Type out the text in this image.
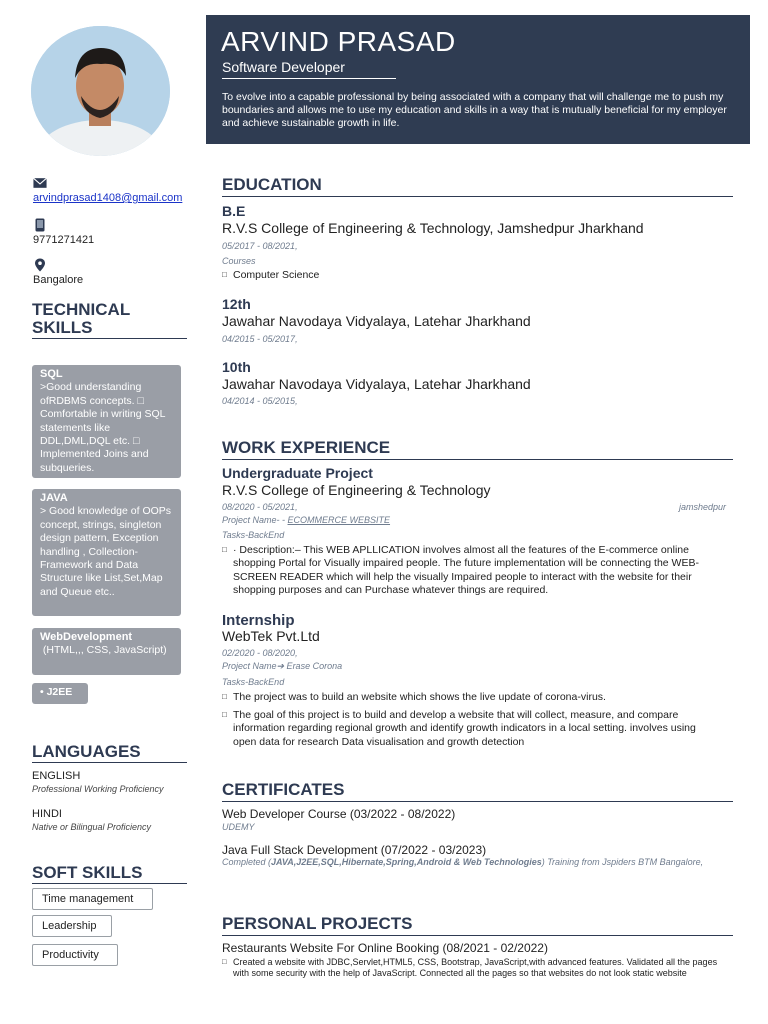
arvindprasad1408@gmail.com
9771271421
Bangalore
TECHNICAL SKILLS
SQL
>Good understanding ofRDBMS concepts. □ Comfortable in writing SQL statements like DDL,DML,DQL etc. □ Implemented Joins and subqueries.
JAVA
> Good knowledge of OOPs concept, strings, singleton design pattern, Exception handling , Collection-Framework and Data Structure like List,Set,Map and Queue etc..
WebDevelopment
(HTML,,, CSS, JavaScript)
• J2EE
LANGUAGES
ENGLISH
Professional Working Proficiency
HINDI
Native or Bilingual Proficiency
SOFT SKILLS
Time management
Leadership
Productivity
ARVIND PRASAD
Software Developer
To evolve into a capable professional by being associated with a company that will challenge me to push my boundaries and allows me to use my education and skills in a way that is mutually beneficial for my employer and achieve sustainable growth in life.
EDUCATION
B.E
R.V.S College of Engineering & Technology, Jamshedpur Jharkhand
05/2017 - 08/2021,
Courses
□ Computer Science
12th
Jawahar Navodaya Vidyalaya, Latehar Jharkhand
04/2015 - 05/2017,
10th
Jawahar Navodaya Vidyalaya, Latehar Jharkhand
04/2014 - 05/2015,
WORK EXPERIENCE
Undergraduate Project
R.V.S College of Engineering & Technology
08/2020 - 05/2021,	jamshedpur
Project Name- - ECOMMERCE WEBSITE
Tasks-BackEnd
□ · Description:– This WEB APLLICATION involves almost all the features of the E-commerce online shopping Portal for Visually impaired people. The future implementation will be connecting the WEB- SCREEN READER which will help the visually Impaired people to interact with the website for their shopping purposes and can Purchase whatever things are required.
Internship
WebTek Pvt.Ltd
02/2020 - 08/2020,
Project Name➔ Erase Corona
Tasks-BackEnd
□ The project was to build an website which shows the live update of corona-virus.
□ The goal of this project is to build and develop a website that will collect, measure, and compare information regarding regional growth and identify growth indicators in a local setting. involves using open data for research Data visualisation and growth detection
CERTIFICATES
Web Developer Course (03/2022 - 08/2022)
UDEMY
Java Full Stack Development (07/2022 - 03/2023)
Completed (JAVA,J2EE,SQL,Hibernate,Spring,Android & Web Technologies) Training from Jspiders BTM Bangalore,
PERSONAL PROJECTS
Restaurants Website For Online Booking (08/2021 - 02/2022)
□ Created a website with JDBC,Servlet,HTML5, CSS, Bootstrap, JavaScript,with advanced features. Validated all the pages with some security with the help of JavaScript. Connected all the pages so that websites do not look static website
